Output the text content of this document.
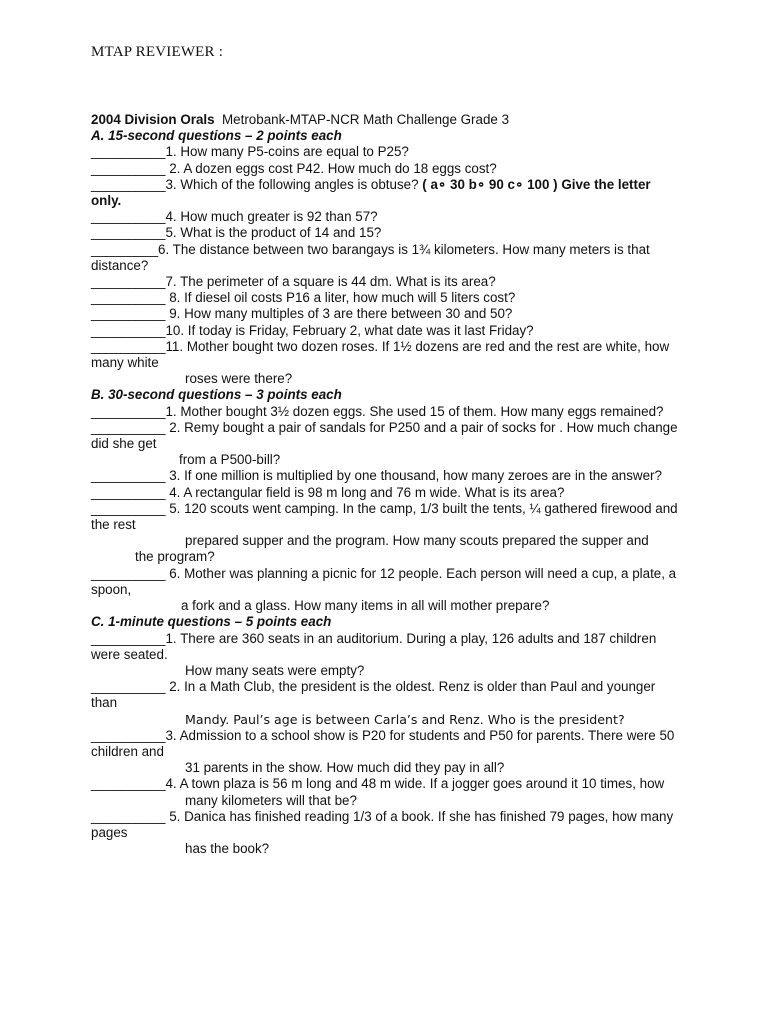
MTAP REVIEWER :
2004 Division Orals Metrobank-MTAP-NCR Math Challenge Grade 3
A. 15-second questions – 2 points each
__________1. How many P5-coins are equal to P25?
__________ 2. A dozen eggs cost P42. How much do 18 eggs cost?
__________3. Which of the following angles is obtuse? ( a∘ 30 b∘ 90 c∘ 100 ) Give the letter only.
__________4. How much greater is 92 than 57?
__________5. What is the product of 14 and 15?
_________6. The distance between two barangays is 1¾ kilometers. How many meters is that distance?
__________7. The perimeter of a square is 44 dm. What is its area?
__________ 8. If diesel oil costs P16 a liter, how much will 5 liters cost?
__________ 9. How many multiples of 3 are there between 30 and 50?
__________10. If today is Friday, February 2, what date was it last Friday?
__________11. Mother bought two dozen roses. If 1½ dozens are red and the rest are white, how many white
roses were there?
B. 30-second questions – 3 points each
__________1. Mother bought 3½ dozen eggs. She used 15 of them. How many eggs remained?
__________ 2. Remy bought a pair of sandals for P250 and a pair of socks for . How much change did she get
from a P500-bill?
__________ 3. If one million is multiplied by one thousand, how many zeroes are in the answer?
__________ 4. A rectangular field is 98 m long and 76 m wide. What is its area?
__________ 5. 120 scouts went camping. In the camp, 1/3 built the tents, ¼ gathered firewood and the rest
prepared supper and the program. How many scouts prepared the supper and
the program?
__________ 6. Mother was planning a picnic for 12 people. Each person will need a cup, a plate, a spoon,
a fork and a glass. How many items in all will mother prepare?
C. 1-minute questions – 5 points each
__________1. There are 360 seats in an auditorium. During a play, 126 adults and 187 children were seated.
How many seats were empty?
__________ 2. In a Math Club, the president is the oldest. Renz is older than Paul and younger than
Mandy. Paul’s age is between Carla’s and Renz. Who is the president?
__________3. Admission to a school show is P20 for students and P50 for parents. There were 50 children and
31 parents in the show. How much did they pay in all?
__________4. A town plaza is 56 m long and 48 m wide. If a jogger goes around it 10 times, how
many kilometers will that be?
__________ 5. Danica has finished reading 1/3 of a book. If she has finished 79 pages, how many pages
has the book?
